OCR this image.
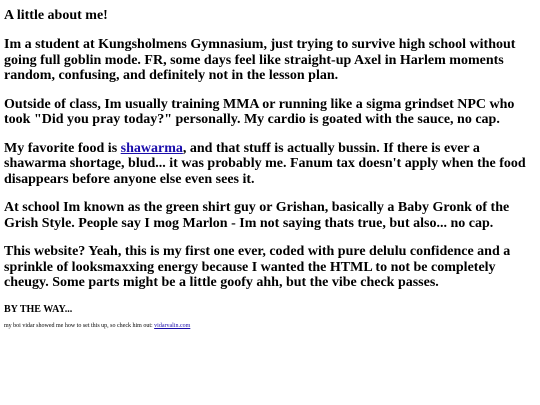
A little about me!

Im a student at Kungsholmens Gymnasium, just trying to survive high school without going full goblin mode. FR, some days feel like straight-up Axel in Harlem moments random, confusing, and definitely not in the lesson plan.

Outside of class, Im usually training MMA or running like a sigma grindset NPC who took "Did you pray today?" personally. My cardio is goated with the sauce, no cap.

My favorite food is shawarma, and that stuff is actually bussin. If there is ever a shawarma shortage, blud... it was probably me. Fanum tax doesn't apply when the food disappears before anyone else even sees it.

At school Im known as the green shirt guy or Grishan, basically a Baby Gronk of the Grish Style. People say I mog Marlon - Im not saying thats true, but also... no cap.

This website? Yeah, this is my first one ever, coded with pure delulu confidence and a sprinkle of looksmaxxing energy because I wanted the HTML to not be completely cheugy. Some parts might be a little goofy ahh, but the vibe check passes.

BY THE WAY...

my boi vidar showed me how to set this up, so check him out: vidarvalin.com
